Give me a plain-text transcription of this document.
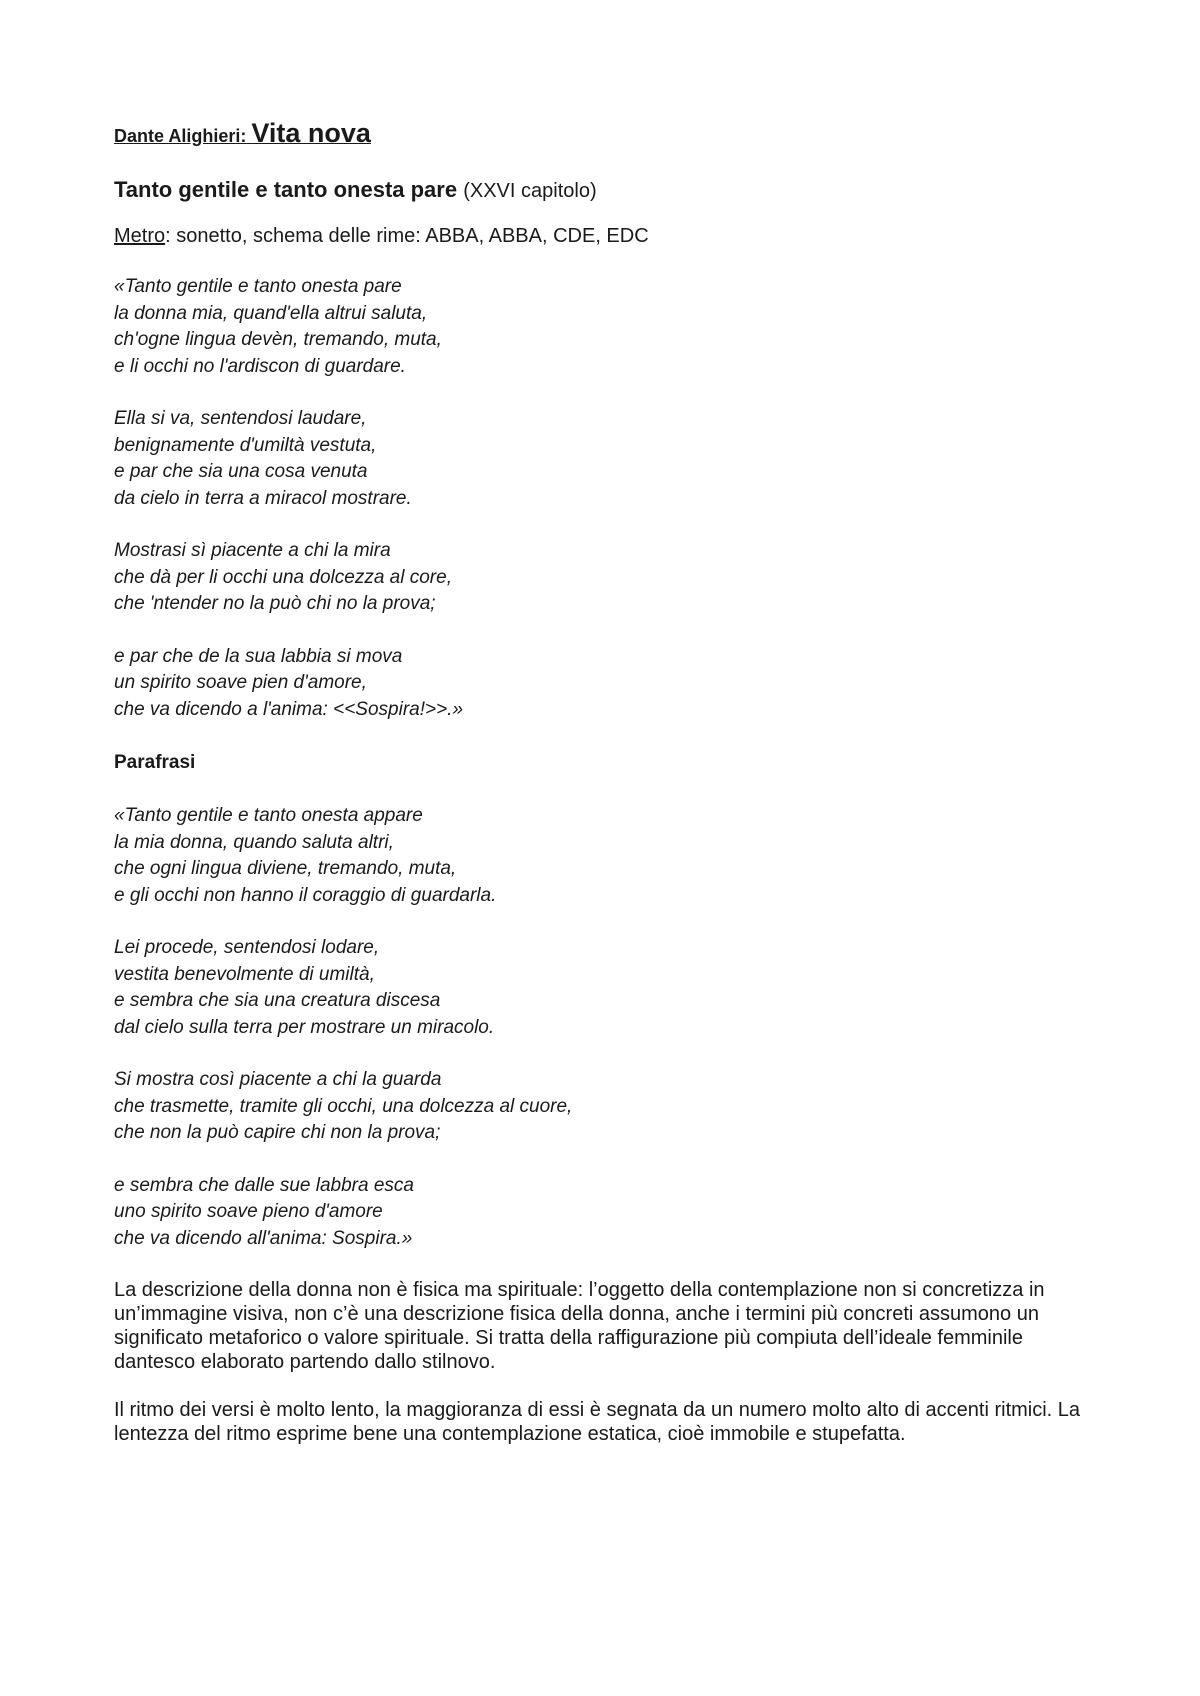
Dante Alighieri: Vita nova
Tanto gentile e tanto onesta pare (XXVI capitolo)
Metro: sonetto, schema delle rime: ABBA, ABBA, CDE, EDC
«Tanto gentile e tanto onesta pare
la donna mia, quand'ella altrui saluta,
ch'ogne lingua devèn, tremando, muta,
e li occhi no l'ardiscon di guardare.
Ella si va, sentendosi laudare,
benignamente d'umiltà vestuta,
e par che sia una cosa venuta
da cielo in terra a miracol mostrare.
Mostrasi sì piacente a chi la mira
che dà per li occhi una dolcezza al core,
che 'ntender no la può chi no la prova;
e par che de la sua labbia si mova
un spirito soave pien d'amore,
che va dicendo a l'anima: <<Sospira!>>.»
Parafrasi
«Tanto gentile e tanto onesta appare
la mia donna, quando saluta altri,
che ogni lingua diviene, tremando, muta,
e gli occhi non hanno il coraggio di guardarla.
Lei procede, sentendosi lodare,
vestita benevolmente di umiltà,
e sembra che sia una creatura discesa
dal cielo sulla terra per mostrare un miracolo.
Si mostra così piacente a chi la guarda
che trasmette, tramite gli occhi, una dolcezza al cuore,
che non la può capire chi non la prova;
e sembra che dalle sue labbra esca
uno spirito soave pieno d'amore
che va dicendo all'anima: Sospira.»

La descrizione della donna non è fisica ma spirituale: l’oggetto della contemplazione non si concretizza in un’immagine visiva, non c’è una descrizione fisica della donna, anche i termini più concreti assumono un significato metaforico o valore spirituale. Si tratta della raffigurazione più compiuta dell’ideale femminile dantesco elaborato partendo dallo stilnovo.

Il ritmo dei versi è molto lento, la maggioranza di essi è segnata da un numero molto alto di accenti ritmici. La lentezza del ritmo esprime bene una contemplazione estatica, cioè immobile e stupefatta.
